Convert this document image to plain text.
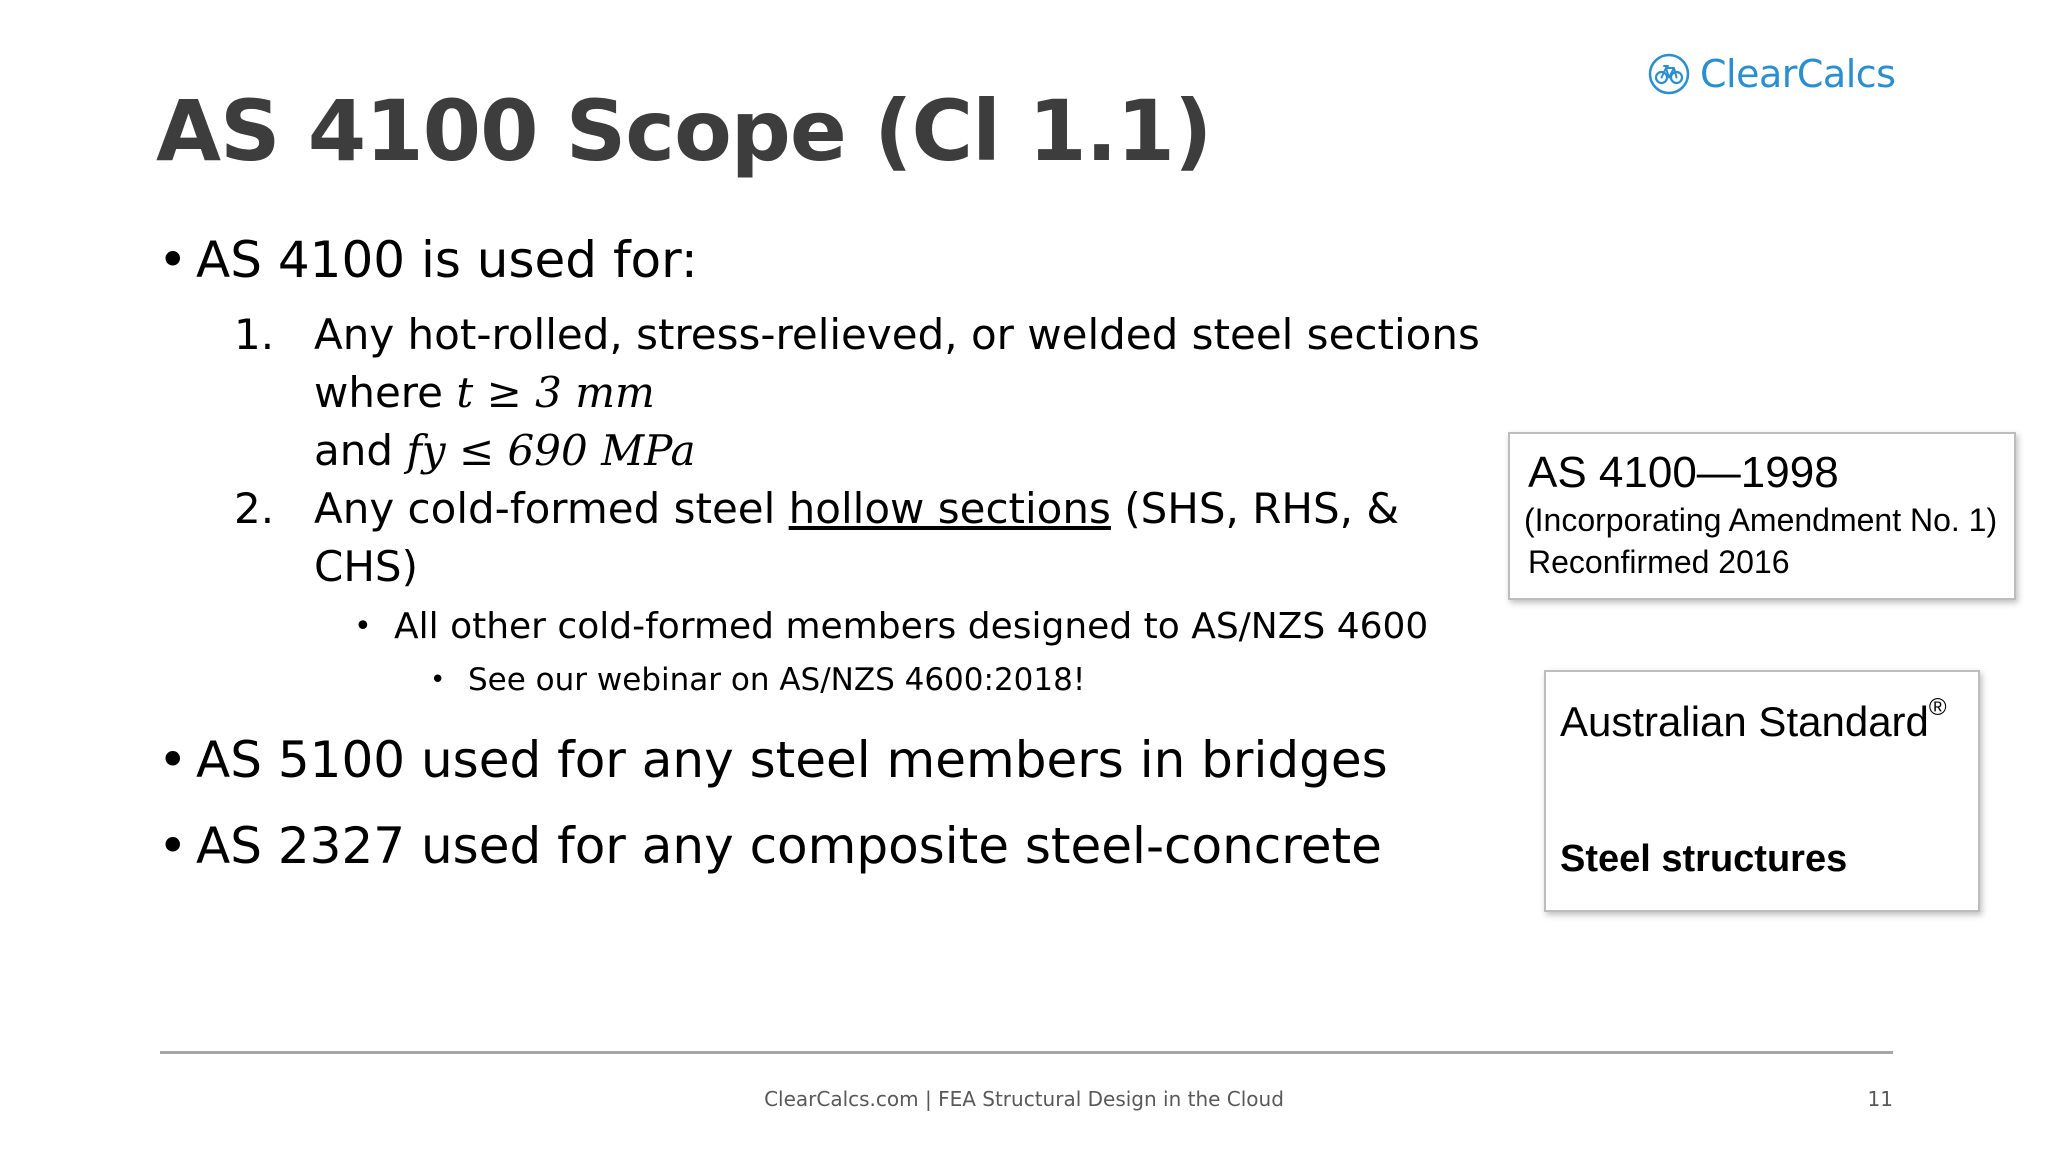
ClearCalcs
AS 4100 Scope (Cl 1.1)
• AS 4100 is used for:
1. Any hot-rolled, stress-relieved, or welded steel sections where t ≥ 3 mm
and fy ≤ 690 MPa
2. Any cold-formed steel hollow sections (SHS, RHS, & CHS)
• All other cold-formed members designed to AS/NZS 4600
• See our webinar on AS/NZS 4600:2018!
• AS 5100 used for any steel members in bridges
• AS 2327 used for any composite steel-concrete
AS 4100—1998
(Incorporating Amendment No. 1)
Reconfirmed 2016
Australian Standard®
Steel structures
ClearCalcs.com | FEA Structural Design in the Cloud	11
